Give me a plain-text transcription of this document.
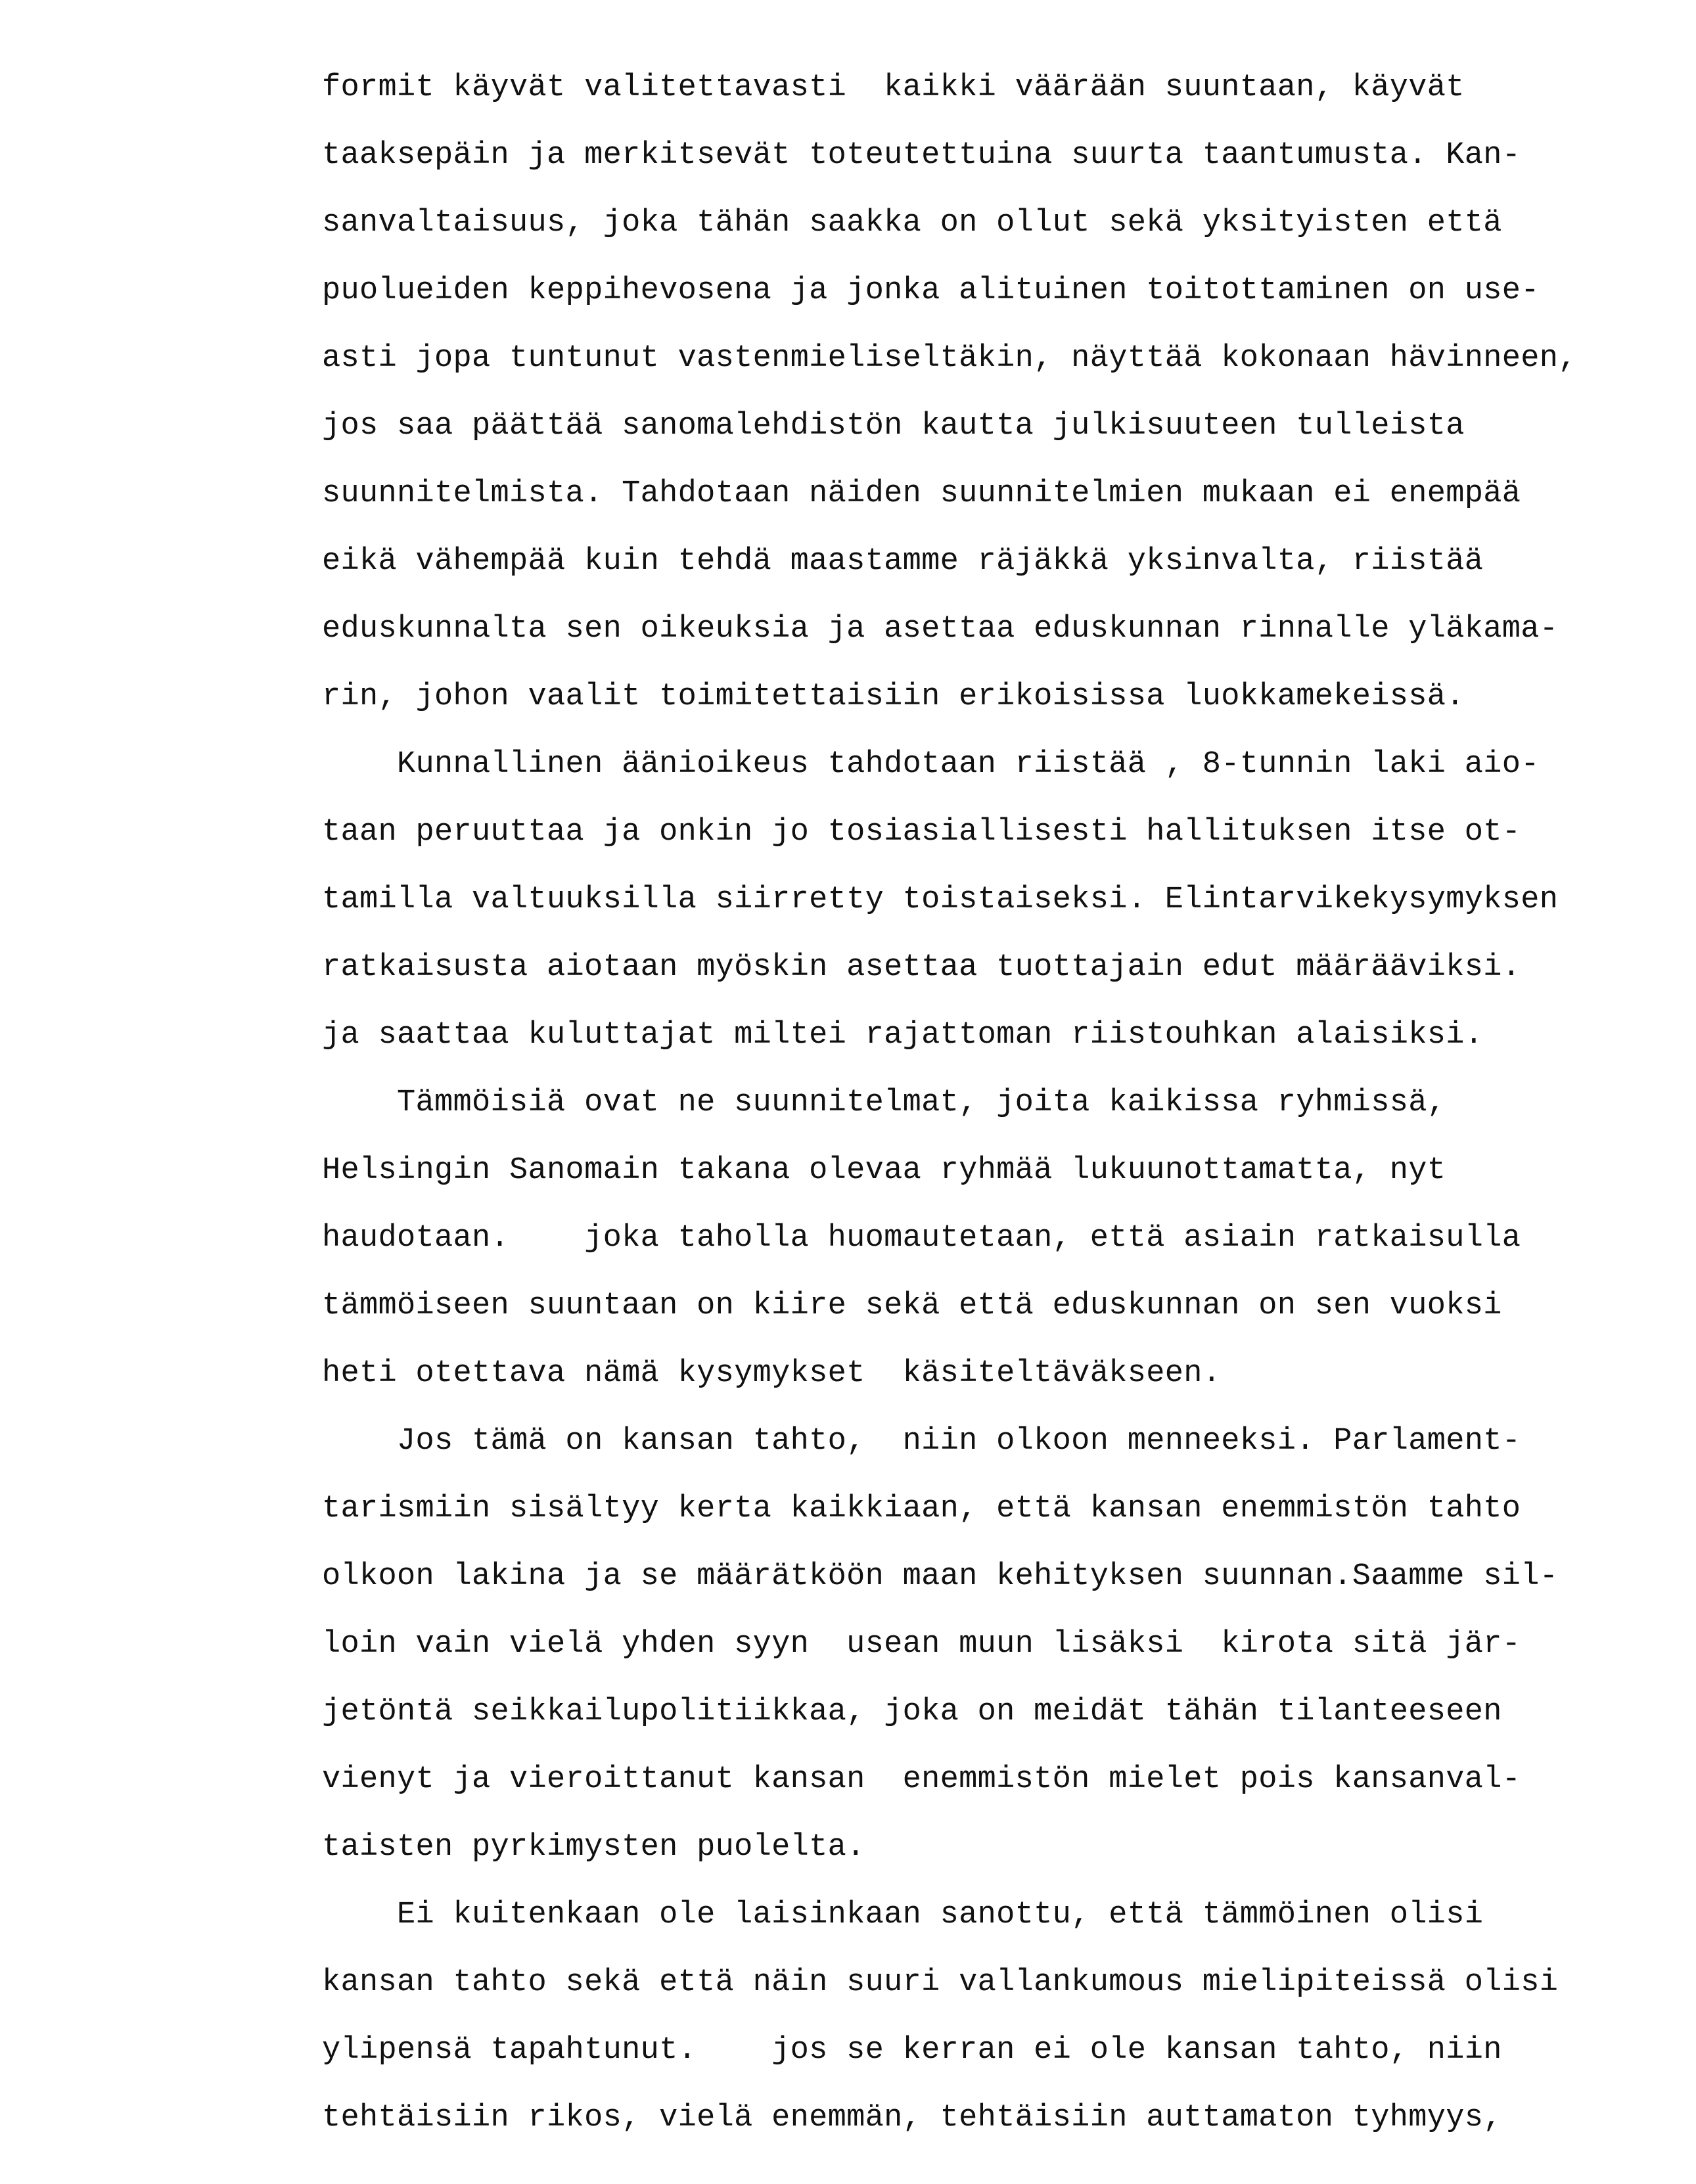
formit käyvät valitettavasti  kaikki väärään suuntaan, käyvät
taaksepäin ja merkitsevät toteutettuina suurta taantumusta. Kan-
sanvaltaisuus, joka tähän saakka on ollut sekä yksityisten että
puolueiden keppihevosena ja jonka alituinen toitottaminen on use-
asti jopa tuntunut vastenmieliseltäkin, näyttää kokonaan hävinneen,
jos saa päättää sanomalehdistön kautta julkisuuteen tulleista
suunnitelmista. Tahdotaan näiden suunnitelmien mukaan ei enempää
eikä vähempää kuin tehdä maastamme räjäkkä yksinvalta, riistää
eduskunnalta sen oikeuksia ja asettaa eduskunnan rinnalle yläkama-
rin, johon vaalit toimitettaisiin erikoisissa luokkamekeissä.
Kunnallinen äänioikeus tahdotaan riistää , 8-tunnin laki aio-
taan peruuttaa ja onkin jo tosiasiallisesti hallituksen itse ot-
tamilla valtuuksilla siirretty toistaiseksi. Elintarvikekysymyksen
ratkaisusta aiotaan myöskin asettaa tuottajain edut määrääviksi.
ja saattaa kuluttajat miltei rajattoman riistouhkan alaisiksi.
Tämmöisiä ovat ne suunnitelmat, joita kaikissa ryhmissä,
Helsingin Sanomain takana olevaa ryhmää lukuunottamatta, nyt
haudotaan.    joka taholla huomautetaan, että asiain ratkaisulla
tämmöiseen suuntaan on kiire sekä että eduskunnan on sen vuoksi
heti otettava nämä kysymykset  käsiteltäväkseen.
Jos tämä on kansan tahto,  niin olkoon menneeksi. Parlament-
tarismiin sisältyy kerta kaikkiaan, että kansan enemmistön tahto
olkoon lakina ja se määrätköön maan kehityksen suunnan.Saamme sil-
loin vain vielä yhden syyn  usean muun lisäksi  kirota sitä jär-
jetöntä seikkailupolitiikkaa, joka on meidät tähän tilanteeseen
vienyt ja vieroittanut kansan  enemmistön mielet pois kansanval-
taisten pyrkimysten puolelta.
Ei kuitenkaan ole laisinkaan sanottu, että tämmöinen olisi
kansan tahto sekä että näin suuri vallankumous mielipiteissä olisi
ylipensä tapahtunut.    jos se kerran ei ole kansan tahto, niin
tehtäisiin rikos, vielä enemmän, tehtäisiin auttamaton tyhmyys,
